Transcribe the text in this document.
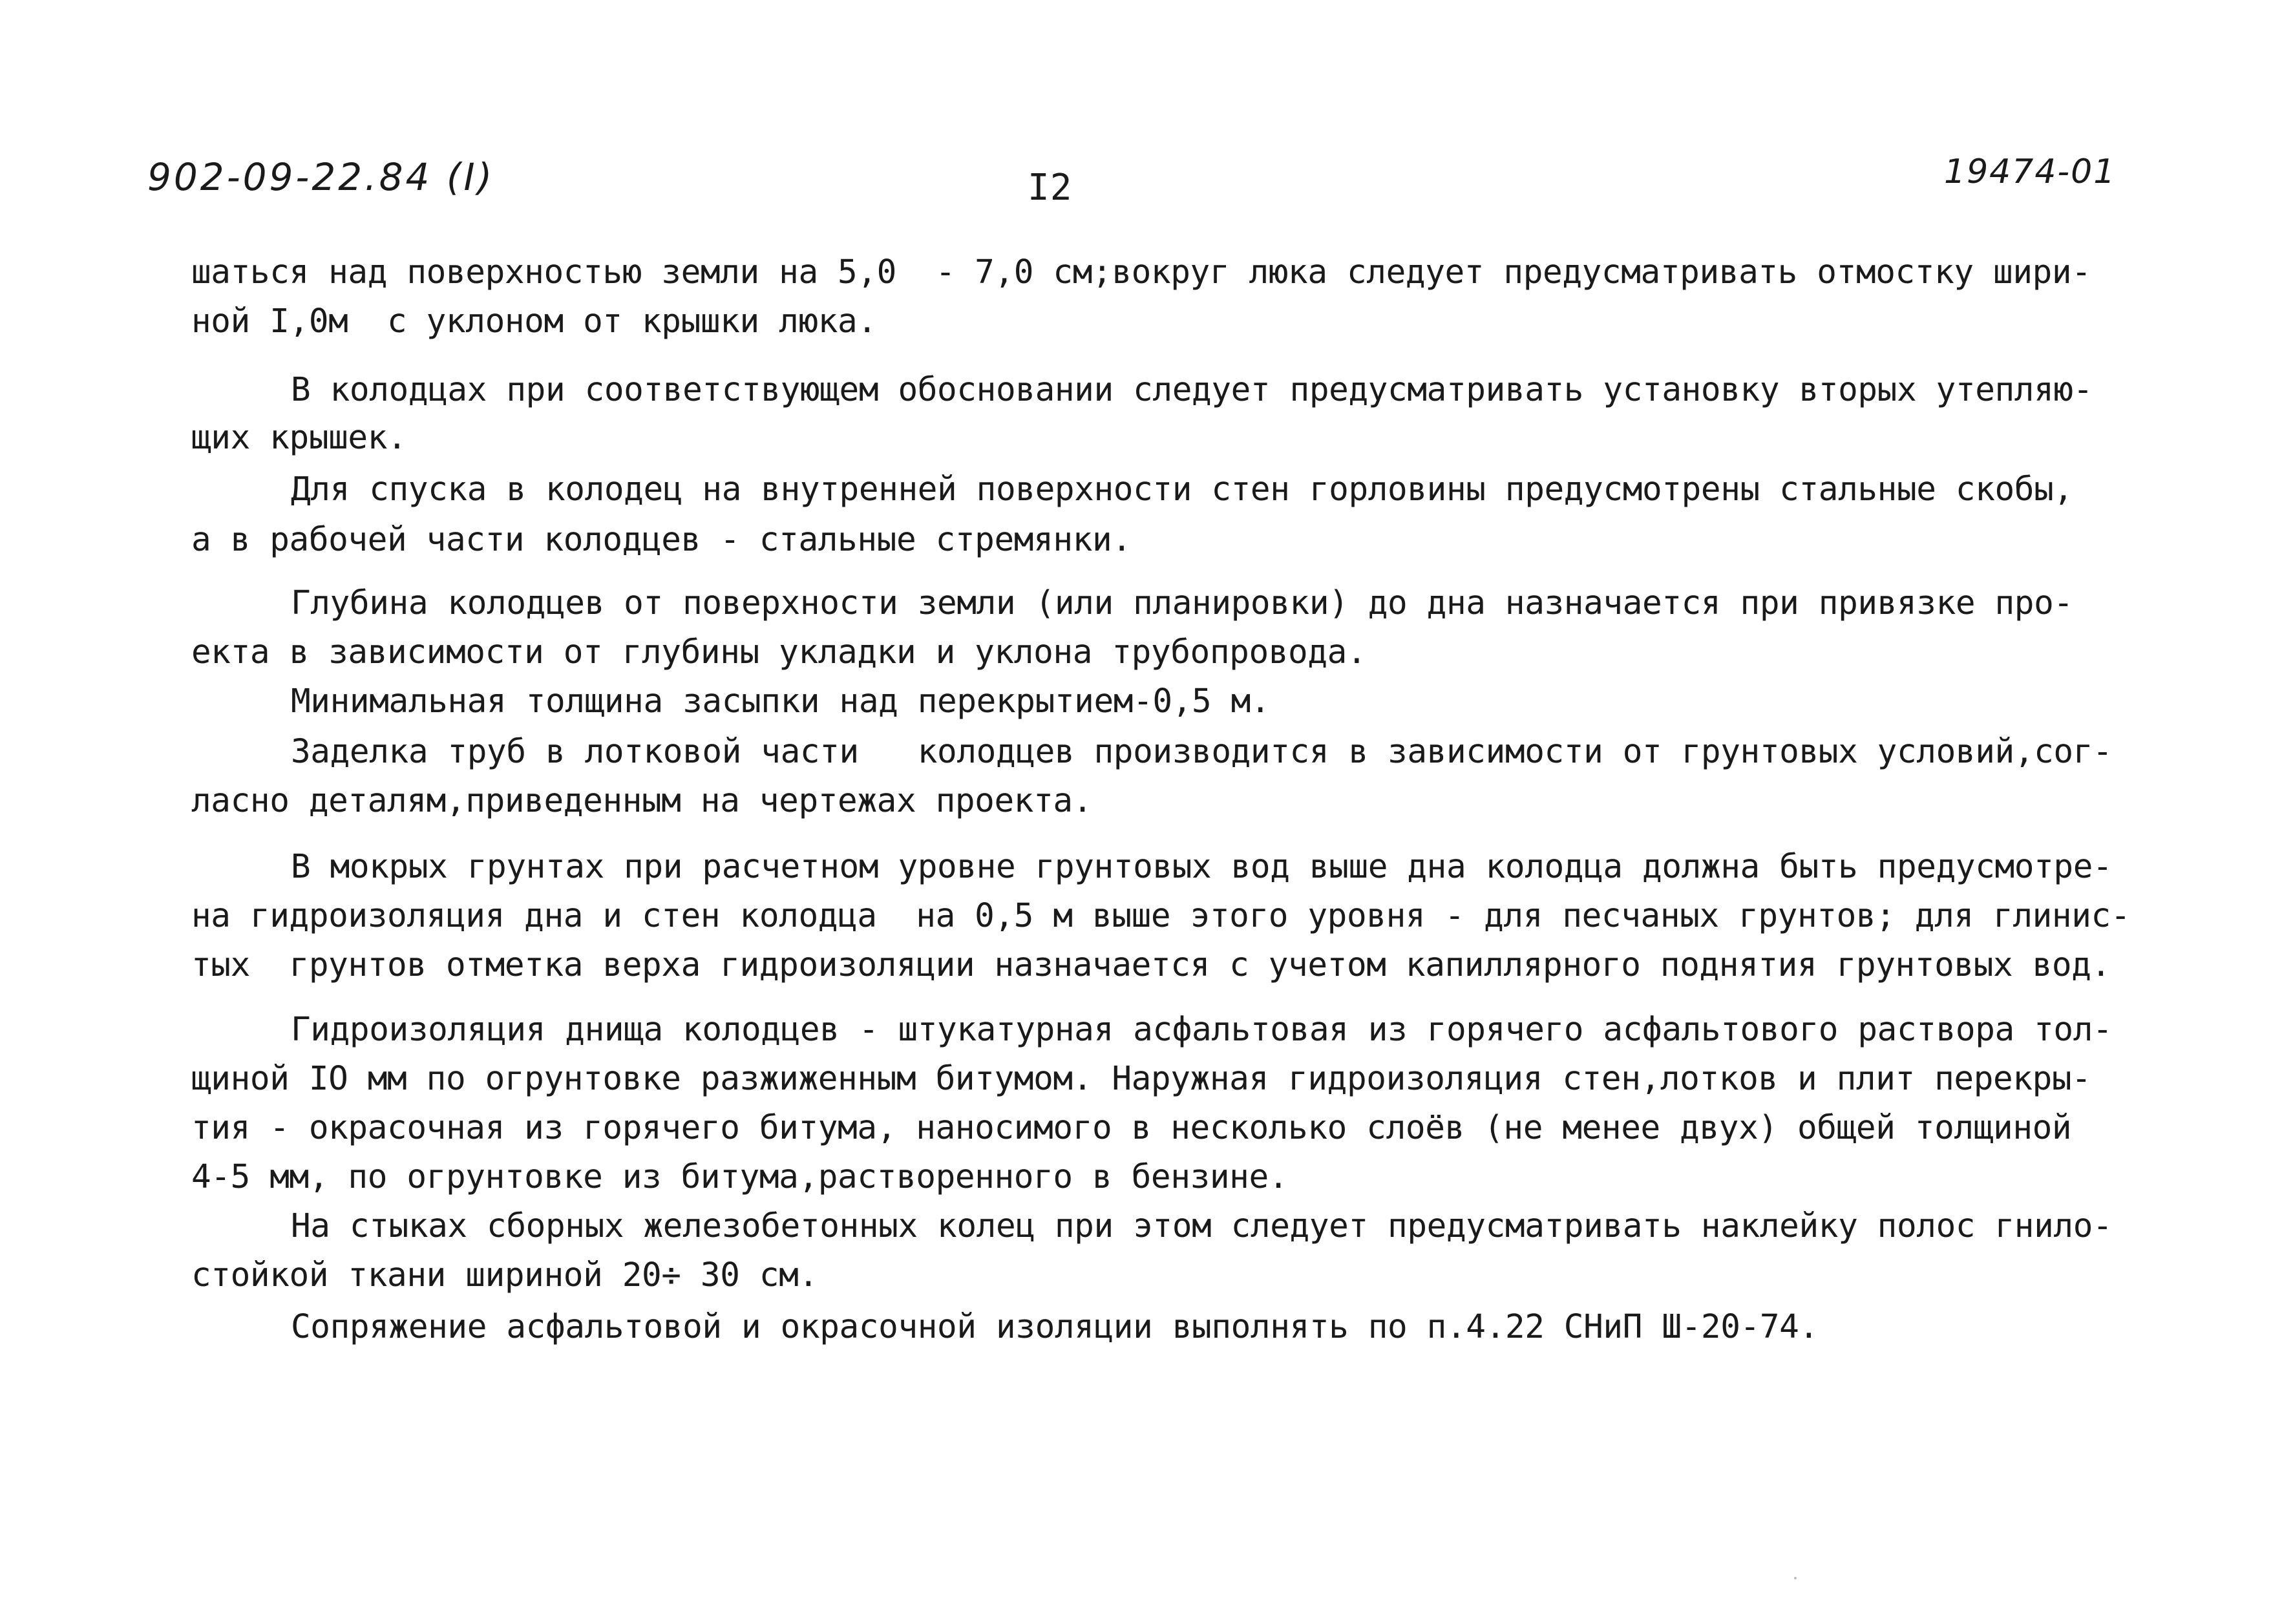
902-09-22.84 (I)	I2	19474-01
шаться над поверхностью земли на 5,0  - 7,0 см;вокруг люка следует предусматривать отмостку шири-
ной I,0м  с уклоном от крышки люка.
В колодцах при соответствующем обосновании следует предусматривать установку вторых утепляю-
щих крышек.
Для спуска в колодец на внутренней поверхности стен горловины предусмотрены стальные скобы,
а в рабочей части колодцев - стальные стремянки.
Глубина колодцев от поверхности земли (или планировки) до дна назначается при привязке про-
екта в зависимости от глубины укладки и уклона трубопровода.
Минимальная толщина засыпки над перекрытием-0,5 м.
Заделка труб в лотковой части   колодцев производится в зависимости от грунтовых условий,сог-
ласно деталям,приведенным на чертежах проекта.
В мокрых грунтах при расчетном уровне грунтовых вод выше дна колодца должна быть предусмотре-
на гидроизоляция дна и стен колодца  на 0,5 м выше этого уровня - для песчаных грунтов; для глинис-
тых  грунтов отметка верха гидроизоляции назначается с учетом капиллярного поднятия грунтовых вод.
Гидроизоляция днища колодцев - штукатурная асфальтовая из горячего асфальтового раствора тол-
щиной IO мм по огрунтовке разжиженным битумом. Наружная гидроизоляция стен,лотков и плит перекры-
тия - окрасочная из горячего битума, наносимого в несколько слоёв (не менее двух) общей толщиной
4-5 мм, по огрунтовке из битума,растворенного в бензине.
На стыках сборных железобетонных колец при этом следует предусматривать наклейку полос гнило-
стойкой ткани шириной 20÷ 30 см.
Сопряжение асфальтовой и окрасочной изоляции выполнять по п.4.22 СНиП Ш-20-74.
